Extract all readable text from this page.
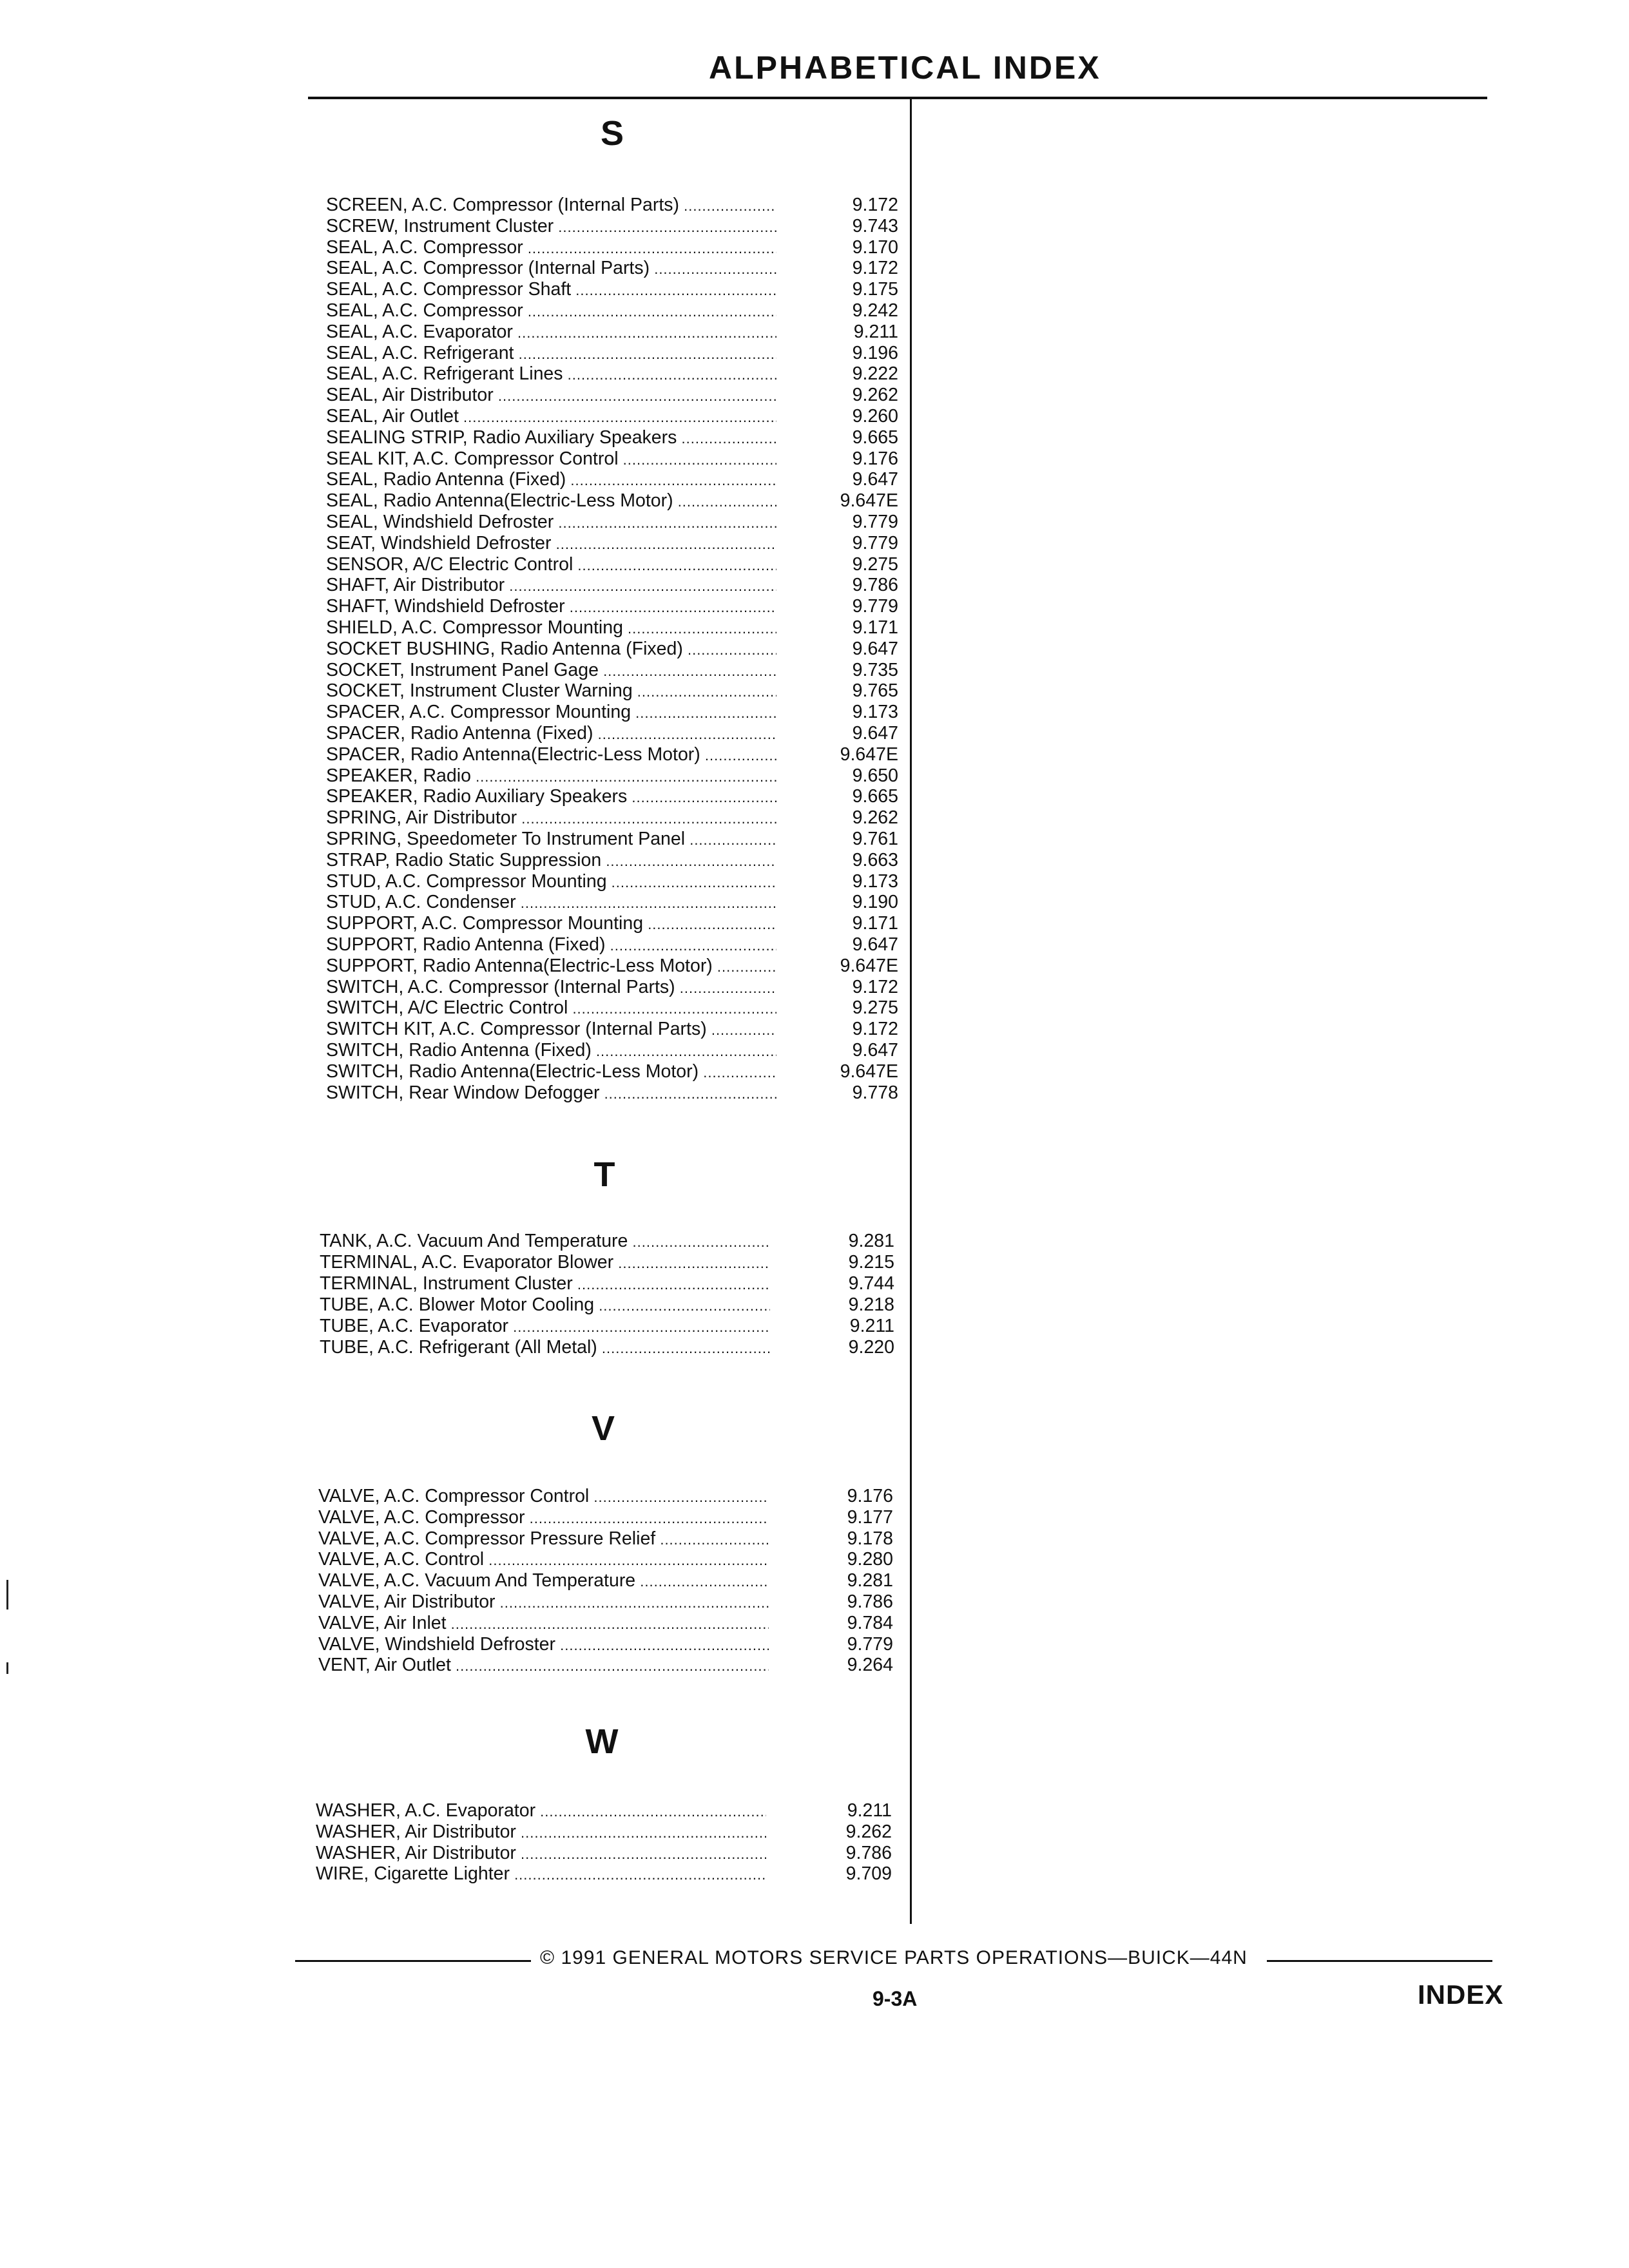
ALPHABETICAL INDEX
S
SCREEN, A.C. Compressor (Internal Parts) .....	9.172
SCREW, Instrument Cluster .....	9.743
SEAL, A.C. Compressor .....	9.170
SEAL, A.C. Compressor (Internal Parts) .....	9.172
SEAL, A.C. Compressor Shaft .....	9.175
SEAL, A.C. Compressor .....	9.242
SEAL, A.C. Evaporator .....	9.211
SEAL, A.C. Refrigerant .....	9.196
SEAL, A.C. Refrigerant Lines .....	9.222
SEAL, Air Distributor .....	9.262
SEAL, Air Outlet .....	9.260
SEALING STRIP, Radio Auxiliary Speakers .....	9.665
SEAL KIT, A.C. Compressor Control .....	9.176
SEAL, Radio Antenna (Fixed) .....	9.647
SEAL, Radio Antenna(Electric-Less Motor) .....	9.647E
SEAL, Windshield Defroster .....	9.779
SEAT, Windshield Defroster .....	9.779
SENSOR, A/C Electric Control .....	9.275
SHAFT, Air Distributor .....	9.786
SHAFT, Windshield Defroster .....	9.779
SHIELD, A.C. Compressor Mounting .....	9.171
SOCKET BUSHING, Radio Antenna (Fixed) .....	9.647
SOCKET, Instrument Panel Gage .....	9.735
SOCKET, Instrument Cluster Warning .....	9.765
SPACER, A.C. Compressor Mounting .....	9.173
SPACER, Radio Antenna (Fixed) .....	9.647
SPACER, Radio Antenna(Electric-Less Motor) .....	9.647E
SPEAKER, Radio .....	9.650
SPEAKER, Radio Auxiliary Speakers .....	9.665
SPRING, Air Distributor .....	9.262
SPRING, Speedometer To Instrument Panel .....	9.761
STRAP, Radio Static Suppression .....	9.663
STUD, A.C. Compressor Mounting .....	9.173
STUD, A.C. Condenser .....	9.190
SUPPORT, A.C. Compressor Mounting .....	9.171
SUPPORT, Radio Antenna (Fixed) .....	9.647
SUPPORT, Radio Antenna(Electric-Less Motor) .....	9.647E
SWITCH, A.C. Compressor (Internal Parts) .....	9.172
SWITCH, A/C Electric Control .....	9.275
SWITCH KIT, A.C. Compressor (Internal Parts) .....	9.172
SWITCH, Radio Antenna (Fixed) .....	9.647
SWITCH, Radio Antenna(Electric-Less Motor) .....	9.647E
SWITCH, Rear Window Defogger .....	9.778
T
TANK, A.C. Vacuum And Temperature .....	9.281
TERMINAL, A.C. Evaporator Blower .....	9.215
TERMINAL, Instrument Cluster .....	9.744
TUBE, A.C. Blower Motor Cooling .....	9.218
TUBE, A.C. Evaporator .....	9.211
TUBE, A.C. Refrigerant (All Metal) .....	9.220
V
VALVE, A.C. Compressor Control .....	9.176
VALVE, A.C. Compressor .....	9.177
VALVE, A.C. Compressor Pressure Relief .....	9.178
VALVE, A.C. Control .....	9.280
VALVE, A.C. Vacuum And Temperature .....	9.281
VALVE, Air Distributor .....	9.786
VALVE, Air Inlet .....	9.784
VALVE, Windshield Defroster .....	9.779
VENT, Air Outlet .....	9.264
W
WASHER, A.C. Evaporator .....	9.211
WASHER, Air Distributor .....	9.262
WASHER, Air Distributor .....	9.786
WIRE, Cigarette Lighter .....	9.709
© 1991 GENERAL MOTORS SERVICE PARTS OPERATIONS—BUICK—44N
9-3A	INDEX
